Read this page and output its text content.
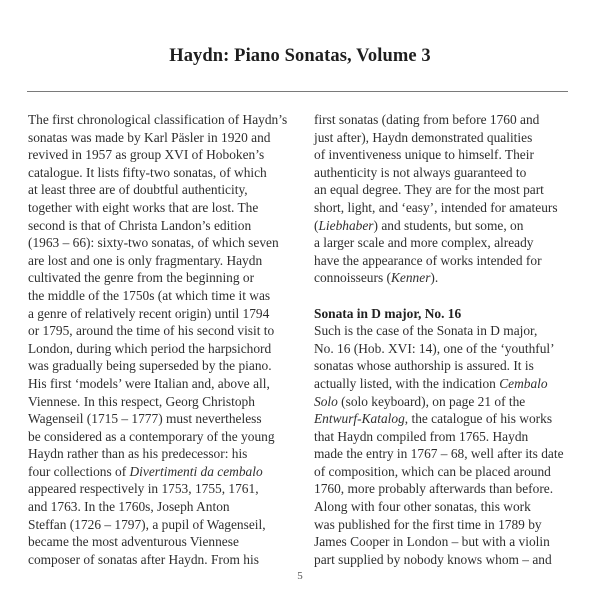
Haydn: Piano Sonatas, Volume 3
The first chronological classification of Haydn’s
sonatas was made by Karl Päsler in 1920 and
revived in 1957 as group XVI of Hoboken’s
catalogue. It lists fifty-two sonatas, of which
at least three are of doubtful authenticity,
together with eight works that are lost. The
second is that of Christa Landon’s edition
(1963 – 66): sixty-two sonatas, of which seven
are lost and one is only fragmentary. Haydn
cultivated the genre from the beginning or
the middle of the 1750s (at which time it was
a genre of relatively recent origin) until 1794
or 1795, around the time of his second visit to
London, during which period the harpsichord
was gradually being superseded by the piano.
His first ‘models’ were Italian and, above all,
Viennese. In this respect, Georg Christoph
Wagenseil (1715 – 1777) must nevertheless
be considered as a contemporary of the young
Haydn rather than as his predecessor: his
four collections of Divertimenti da cembalo
appeared respectively in 1753, 1755, 1761,
and 1763. In the 1760s, Joseph Anton
Steffan (1726 – 1797), a pupil of Wagenseil,
became the most adventurous Viennese
composer of sonatas after Haydn. From his
first sonatas (dating from before 1760 and
just after), Haydn demonstrated qualities
of inventiveness unique to himself. Their
authenticity is not always guaranteed to
an equal degree. They are for the most part
short, light, and ‘easy’, intended for amateurs
(Liebhaber) and students, but some, on
a larger scale and more complex, already
have the appearance of works intended for
connoisseurs (Kenner).
Sonata in D major, No. 16
Such is the case of the Sonata in D major,
No. 16 (Hob. XVI: 14), one of the ‘youthful’
sonatas whose authorship is assured. It is
actually listed, with the indication Cembalo
Solo (solo keyboard), on page 21 of the
Entwurf-Katalog, the catalogue of his works
that Haydn compiled from 1765. Haydn
made the entry in 1767 – 68, well after its date
of composition, which can be placed around
1760, more probably afterwards than before.
Along with four other sonatas, this work
was published for the first time in 1789 by
James Cooper in London – but with a violin
part supplied by nobody knows whom – and
5
